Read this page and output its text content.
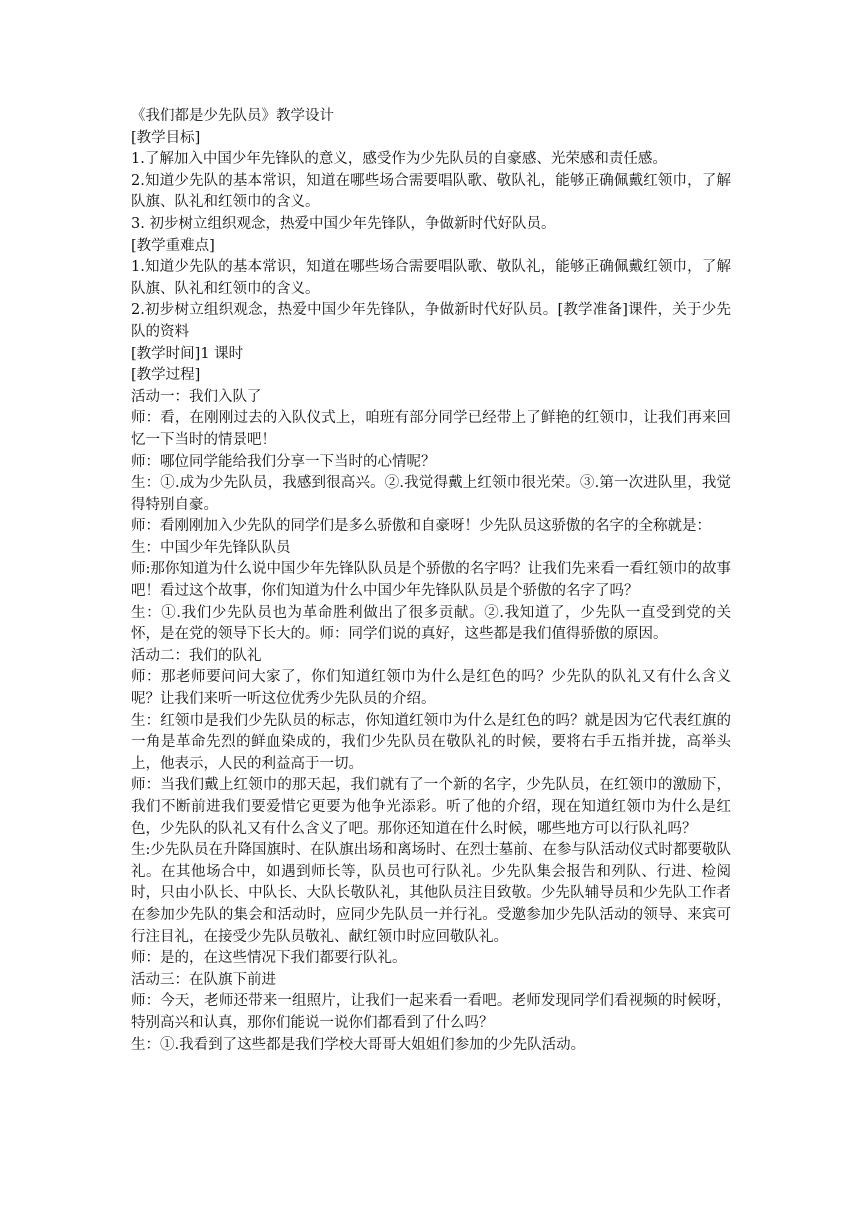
《我们都是少先队员》教学设计

[教学目标]

1.了解加入中国少年先锋队的意义，感受作为少先队员的自豪感、光荣感和责任感。

2.知道少先队的基本常识，知道在哪些场合需要唱队歌、敬队礼，能够正确佩戴红领巾，了解队旗、队礼和红领巾的含义。

3. 初步树立组织观念，热爱中国少年先锋队，争做新时代好队员。

[教学重难点]

1.知道少先队的基本常识，知道在哪些场合需要唱队歌、敬队礼，能够正确佩戴红领巾，了解队旗、队礼和红领巾的含义。

2.初步树立组织观念，热爱中国少年先锋队，争做新时代好队员。[教学准备]课件，关于少先队的资料

[教学时间]1 课时

[教学过程]

活动一：我们入队了

师：看，在刚刚过去的入队仪式上，咱班有部分同学已经带上了鲜艳的红领巾，让我们再来回忆一下当时的情景吧！

师：哪位同学能给我们分享一下当时的心情呢？

生：①.成为少先队员，我感到很高兴。②.我觉得戴上红领巾很光荣。③.第一次进队里，我觉得特别自豪。

师：看刚刚加入少先队的同学们是多么骄傲和自豪呀！少先队员这骄傲的名字的全称就是：

生：中国少年先锋队队员

师:那你知道为什么说中国少年先锋队队员是个骄傲的名字吗？让我们先来看一看红领巾的故事吧！看过这个故事，你们知道为什么中国少年先锋队队员是个骄傲的名字了吗？

生：①.我们少先队员也为革命胜利做出了很多贡献。②.我知道了，少先队一直受到党的关怀，是在党的领导下长大的。师：同学们说的真好，这些都是我们值得骄傲的原因。

活动二：我们的队礼

师：那老师要问问大家了，你们知道红领巾为什么是红色的吗？少先队的队礼又有什么含义呢？让我们来听一听这位优秀少先队员的介绍。

生：红领巾是我们少先队员的标志，你知道红领巾为什么是红色的吗？就是因为它代表红旗的一角是革命先烈的鲜血染成的，我们少先队员在敬队礼的时候，要将右手五指并拢，高举头上，他表示，人民的利益高于一切。

师：当我们戴上红领巾的那天起，我们就有了一个新的名字，少先队员，在红领巾的激励下，我们不断前进我们要爱惜它更要为他争光添彩。听了他的介绍，现在知道红领巾为什么是红色，少先队的队礼又有什么含义了吧。那你还知道在什么时候，哪些地方可以行队礼吗？

生:少先队员在升降国旗时、在队旗出场和离场时、在烈士墓前、在参与队活动仪式时都要敬队礼。在其他场合中，如遇到师长等，队员也可行队礼。少先队集会报告和列队、行进、检阅时，只由小队长、中队长、大队长敬队礼，其他队员注目致敬。少先队辅导员和少先队工作者在参加少先队的集会和活动时，应同少先队员一并行礼。受邀参加少先队活动的领导、来宾可行注目礼，在接受少先队员敬礼、献红领巾时应回敬队礼。

师：是的，在这些情况下我们都要行队礼。

活动三：在队旗下前进

师：今天，老师还带来一组照片，让我们一起来看一看吧。老师发现同学们看视频的时候呀，特别高兴和认真，那你们能说一说你们都看到了什么吗？

生：①.我看到了这些都是我们学校大哥哥大姐姐们参加的少先队活动。
